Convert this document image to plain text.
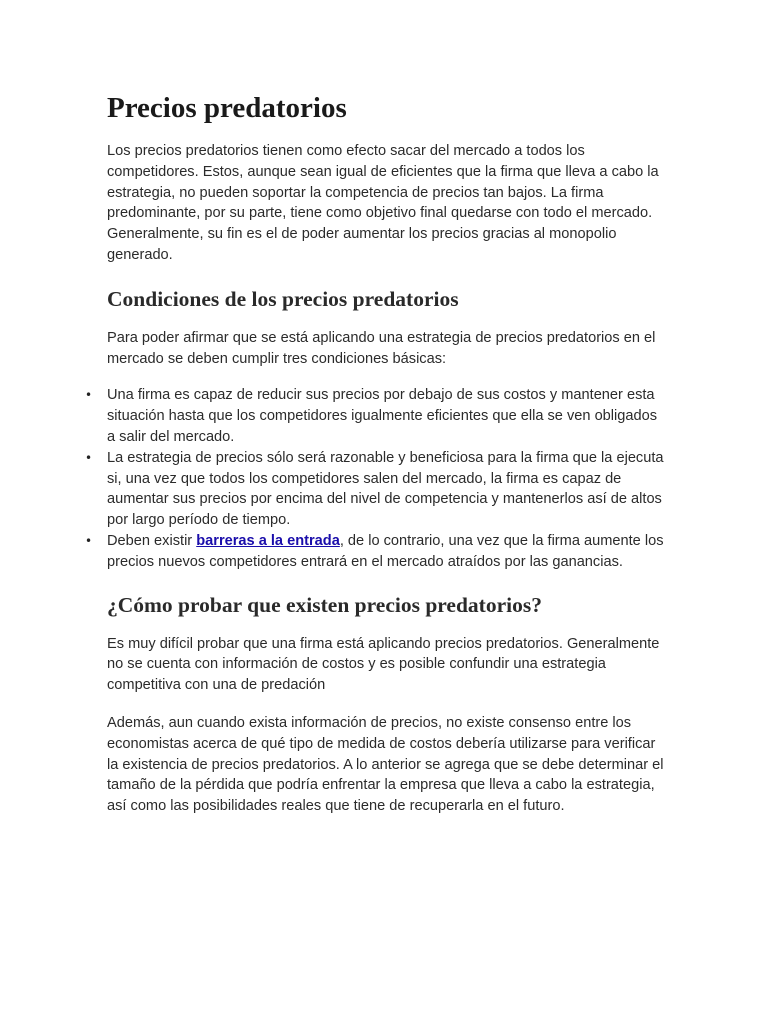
Precios predatorios

Los precios predatorios tienen como efecto sacar del mercado a todos los competidores. Estos, aunque sean igual de eficientes que la firma que lleva a cabo la estrategia, no pueden soportar la competencia de precios tan bajos. La firma predominante, por su parte, tiene como objetivo final quedarse con todo el mercado. Generalmente, su fin es el de poder aumentar los precios gracias al monopolio generado.

Condiciones de los precios predatorios

Para poder afirmar que se está aplicando una estrategia de precios predatorios en el mercado se deben cumplir tres condiciones básicas:

• Una firma es capaz de reducir sus precios por debajo de sus costos y mantener esta situación hasta que los competidores igualmente eficientes que ella se ven obligados a salir del mercado.
• La estrategia de precios sólo será razonable y beneficiosa para la firma que la ejecuta si, una vez que todos los competidores salen del mercado, la firma es capaz de aumentar sus precios por encima del nivel de competencia y mantenerlos así de altos por largo período de tiempo.
• Deben existir barreras a la entrada, de lo contrario, una vez que la firma aumente los precios nuevos competidores entrará en el mercado atraídos por las ganancias.
¿Cómo probar que existen precios predatorios?

Es muy difícil probar que una firma está aplicando precios predatorios. Generalmente no se cuenta con información de costos y es posible confundir una estrategia competitiva con una de predación

Además, aun cuando exista información de precios, no existe consenso entre los economistas acerca de qué tipo de medida de costos debería utilizarse para verificar la existencia de precios predatorios. A lo anterior se agrega que se debe determinar el tamaño de la pérdida que podría enfrentar la empresa que lleva a cabo la estrategia, así como las posibilidades reales que tiene de recuperarla en el futuro.
